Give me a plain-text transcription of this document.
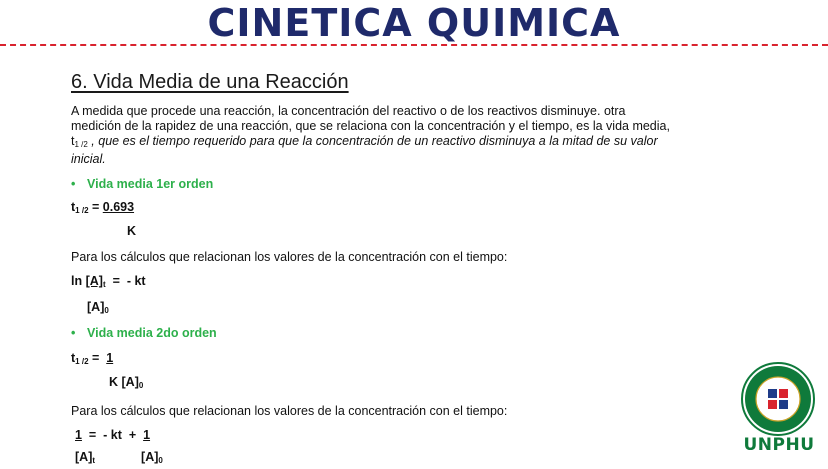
CINETICA QUIMICA
6. Vida Media de una Reacción

A medida que procede una reacción, la concentración del reactivo o de los reactivos disminuye. otra medición de la rapidez de una reacción, que se relaciona con la concentración y el tiempo, es la vida media,
$t_{1 /2}$ , que es el tiempo requerido para que la concentración de un reactivo disminuya a la mitad de su valor inicial.

• Vida media 1er orden
$t_{1 /2} = 0.693$
K
Para los cálculos que relacionan los valores de la concentración con el tiempo:
$\ln [A]_t$  =  - kt
$[A]_0$
• Vida media 2do orden
$t_{1 /2} = 1$
K $[A]_0$
Para los cálculos que relacionan los valores de la concentración con el tiempo:
1  =  - kt  +  1
$[A]_t$	$[A]_0$
UNPHU
